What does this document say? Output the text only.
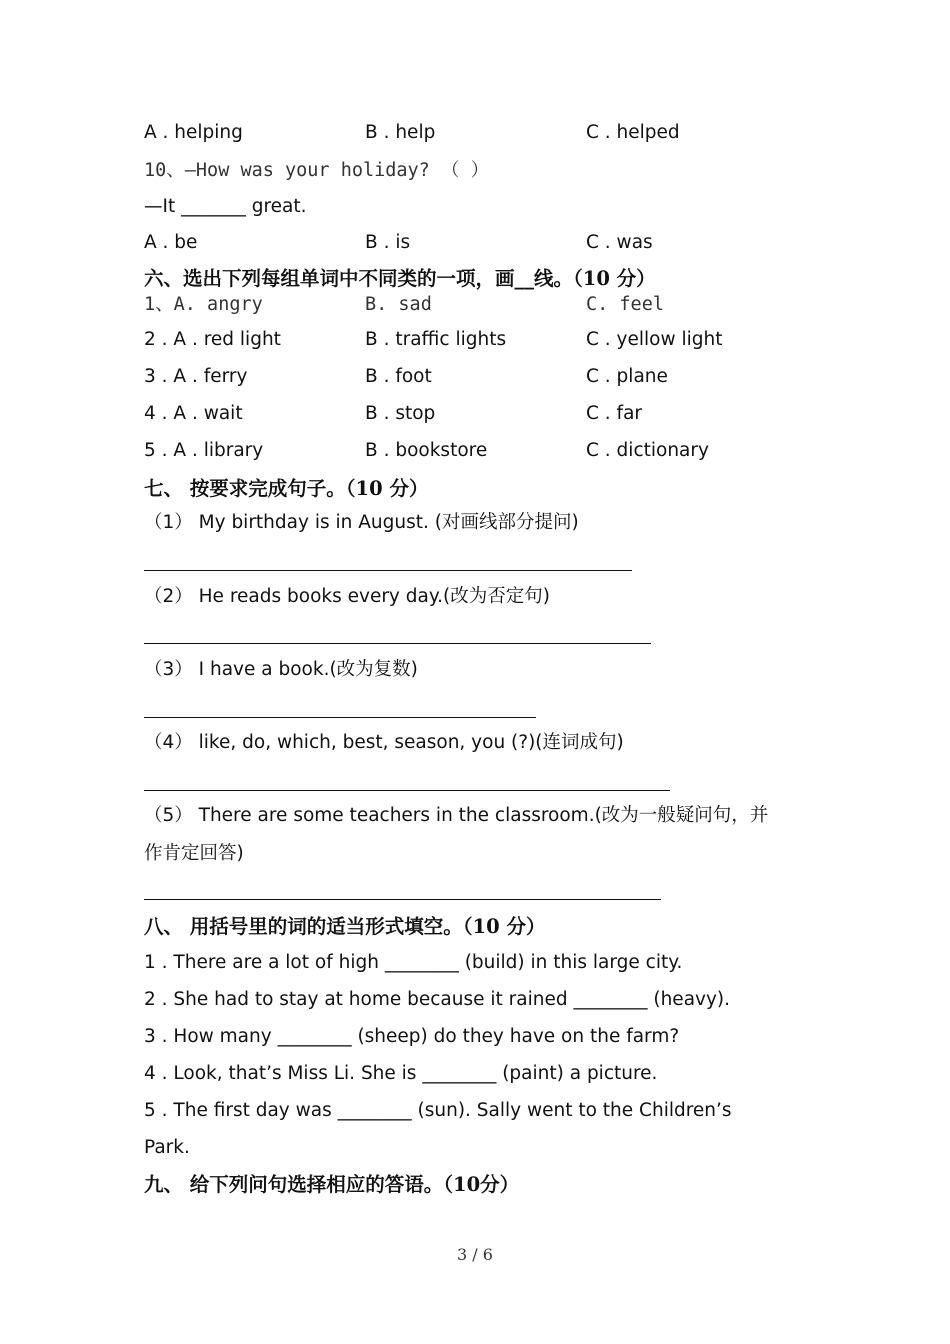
A . helping	B . help	C . helped
10、—How was your holiday? （ ）
—It _______ great.
A . be	B . is	C . was
六、选出下列每组单词中不同类的一项，画__线。（10 分）
1、A. angry	B. sad	C. feel
2 . A . red light	B . traffic lights	C . yellow light
3 . A . ferry	B . foot	C . plane
4 . A . wait	B . stop	C . far
5 . A . library	B . bookstore	C . dictionary
七、 按要求完成句子。（10 分）
（1） My birthday is in August. (对画线部分提问)
（2） He reads books every day.(改为否定句)
（3） I have a book.(改为复数)
（4） like, do, which, best, season, you (?)(连词成句)
（5） There are some teachers in the classroom.(改为一般疑问句，并
作肯定回答)
八、 用括号里的词的适当形式填空。（10 分）
1 . There are a lot of high ________ (build) in this large city.
2 . She had to stay at home because it rained ________ (heavy).
3 . How many ________ (sheep) do they have on the farm?
4 . Look, that’s Miss Li. She is ________ (paint) a picture.
5 . The first day was ________ (sun). Sally went to the Children’s
Park.
九、 给下列问句选择相应的答语。（10分）
3 / 6
